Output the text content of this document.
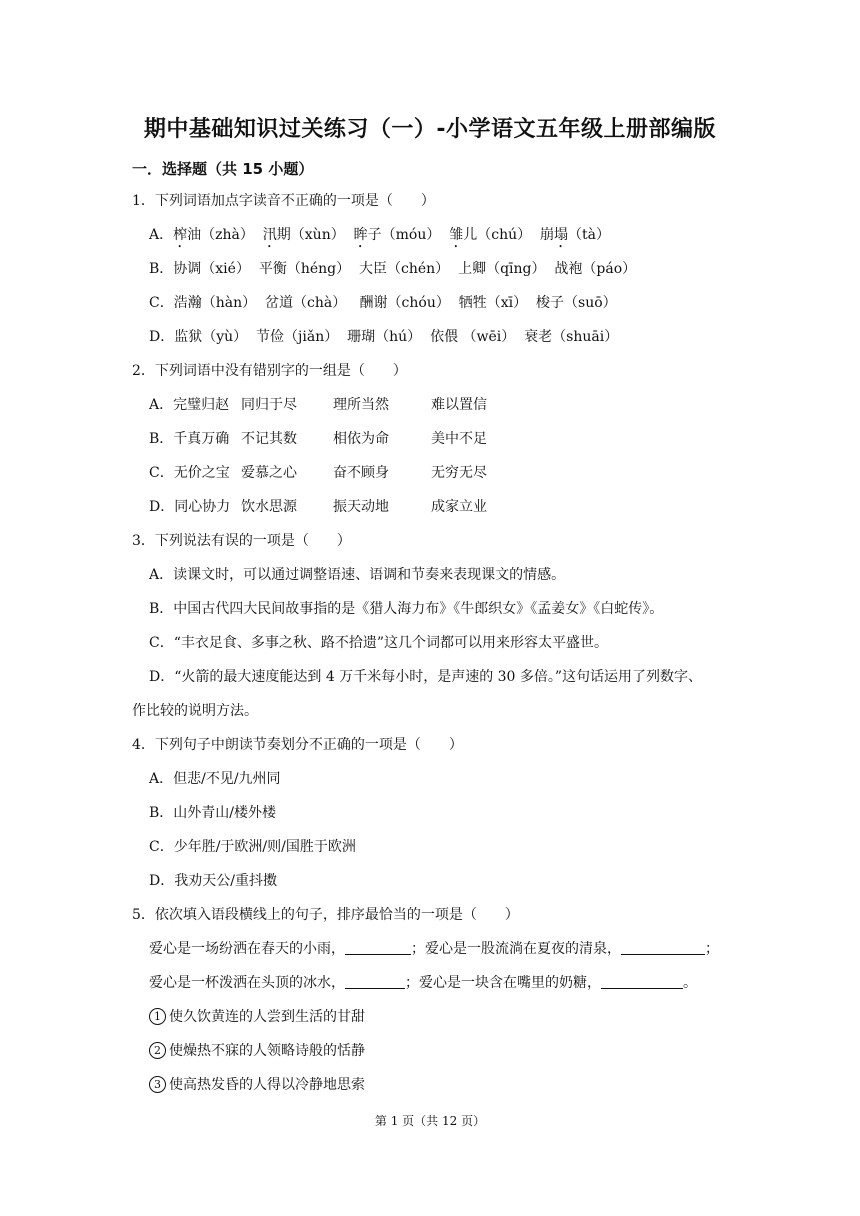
期中基础知识过关练习（一）-小学语文五年级上册部编版
一．选择题（共 15 小题）
1．下列词语加点字读音不正确的一项是（　　）
A．榨油（zhà） 汛期（xùn） 眸子（móu） 雏儿（chú） 崩塌（tà）
B．协调（xié）  平衡（héng）  大臣（chén）  上卿（qīng）  战袍（páo）
C．浩瀚（hàn）  岔道（chà）   酬谢（chóu）  牺牲（xī）  梭子（suō）
D．监狱（yù）  节俭（jiǎn）  珊瑚（hú）  依偎 （wēi）  衰老（shuāi）
2．下列词语中没有错别字的一组是（　　）
A．完璧归赵 同归于尽	理所当然	难以置信
B．千真万确 不记其数	相依为命	美中不足
C．无价之宝 爱慕之心	奋不顾身	无穷无尽
D．同心协力 饮水思源	振天动地	成家立业
3．下列说法有误的一项是（　　）
A．读课文时，可以通过调整语速、语调和节奏来表现课文的情感。
B．中国古代四大民间故事指的是《猎人海力布》《牛郎织女》《孟姜女》《白蛇传》。
C．“丰衣足食、多事之秋、路不拾遗”这几个词都可以用来形容太平盛世。
D．“火箭的最大速度能达到 4 万千米每小时，是声速的 30 多倍。”这句话运用了列数字、
作比较的说明方法。
4．下列句子中朗读节奏划分不正确的一项是（　　）
A．但悲/不见/九州同
B．山外青山/楼外楼
C．少年胜/于欧洲/则/国胜于欧洲
D．我劝天公/重抖擞
5．依次填入语段横线上的句子，排序最恰当的一项是（　　）
爱心是一场纷洒在春天的小雨，	；爱心是一股流淌在夏夜的清泉，	；
爱心是一杯泼洒在头顶的冰水，	；爱心是一块含在嘴里的奶糖，	。
1 使久饮黄连的人尝到生活的甘甜
2 使燥热不寐的人领略诗般的恬静
3 使高热发昏的人得以冷静地思索
第 1 页（共 12 页）
